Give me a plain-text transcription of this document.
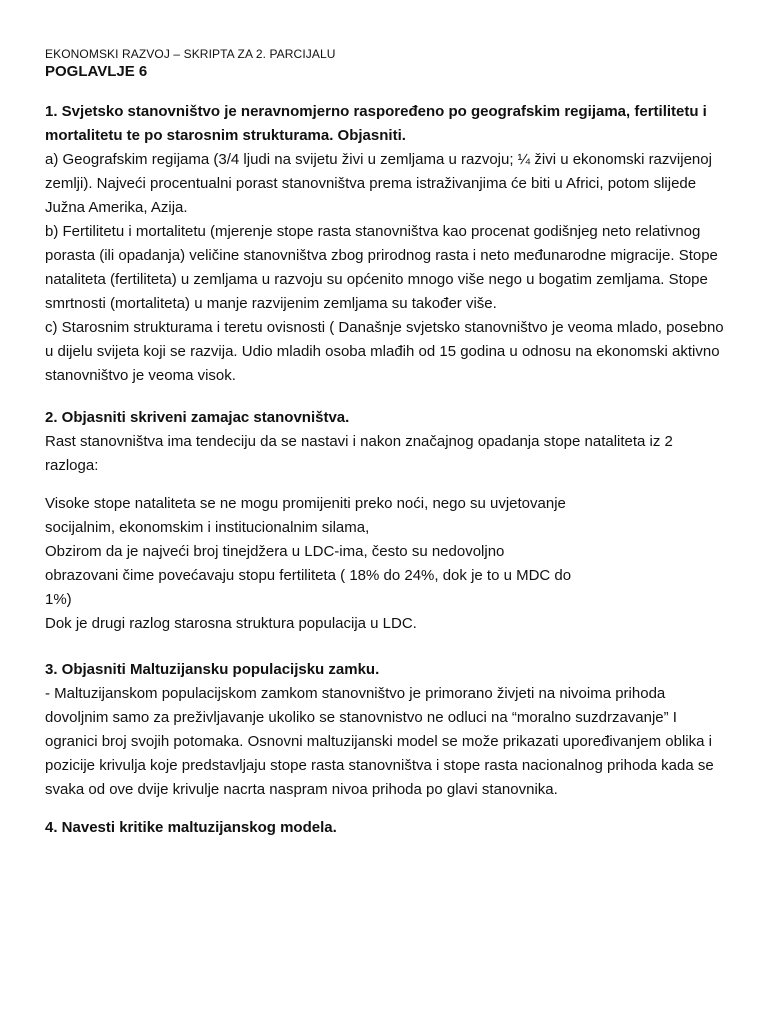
EKONOMSKI RAZVOJ – SKRIPTA ZA 2. PARCIJALU
POGLAVLJE 6
1. Svjetsko stanovništvo je neravnomjerno raspoređeno po geografskim regijama, fertilitetu i mortalitetu te po starosnim strukturama. Objasniti.

a) Geografskim regijama (3/4 ljudi na svijetu živi u zemljama u razvoju; ¼ živi u ekonomski razvijenoj zemlji). Najveći procentualni porast stanovništva prema istraživanjima će biti u Africi, potom slijede Južna Amerika, Azija.

b) Fertilitetu i mortalitetu (mjerenje stope rasta stanovništva kao procenat godišnjeg neto relativnog porasta (ili opadanja) veličine stanovništva zbog prirodnog rasta i neto međunarodne migracije. Stope nataliteta (fertiliteta) u zemljama u razvoju su općenito mnogo više nego u bogatim zemljama. Stope smrtnosti (mortaliteta) u manje razvijenim zemljama su također više.

c) Starosnim strukturama i teretu ovisnosti ( Današnje svjetsko stanovništvo je veoma mlado, posebno u dijelu svijeta koji se razvija. Udio mladih osoba mlađih od 15 godina u odnosu na ekonomski aktivno stanovništvo je veoma visok.

2. Objasniti skriveni zamajac stanovništva.

Rast stanovništva ima tendeciju da se nastavi i nakon značajnog opadanja stope nataliteta iz 2 razloga:

Visoke stope nataliteta se ne mogu promijeniti preko noći, nego su uvjetovanje
socijalnim, ekonomskim i institucionalnim silama,
Obzirom da je najveći broj tinejdžera u LDC-ima, često su nedovoljno
obrazovani čime povećavaju stopu fertiliteta ( 18% do 24%, dok je to u MDC do
1%)
Dok je drugi razlog starosna struktura populacija u LDC.
3. Objasniti Maltuzijansku populacijsku zamku.

- Maltuzijanskom populacijskom zamkom stanovništvo je primorano živjeti na nivoima prihoda dovoljnim samo za preživljavanje ukoliko se stanovnistvo ne odluci na “moralno suzdrzavanje” I ogranici broj svojih potomaka. Osnovni maltuzijanski model se može prikazati upoređivanjem oblika i pozicije krivulja koje predstavljaju stope rasta stanovništva i stope rasta nacionalnog prihoda kada se svaka od ove dvije krivulje nacrta naspram nivoa prihoda po glavi stanovnika.

4. Navesti kritike maltuzijanskog modela.
